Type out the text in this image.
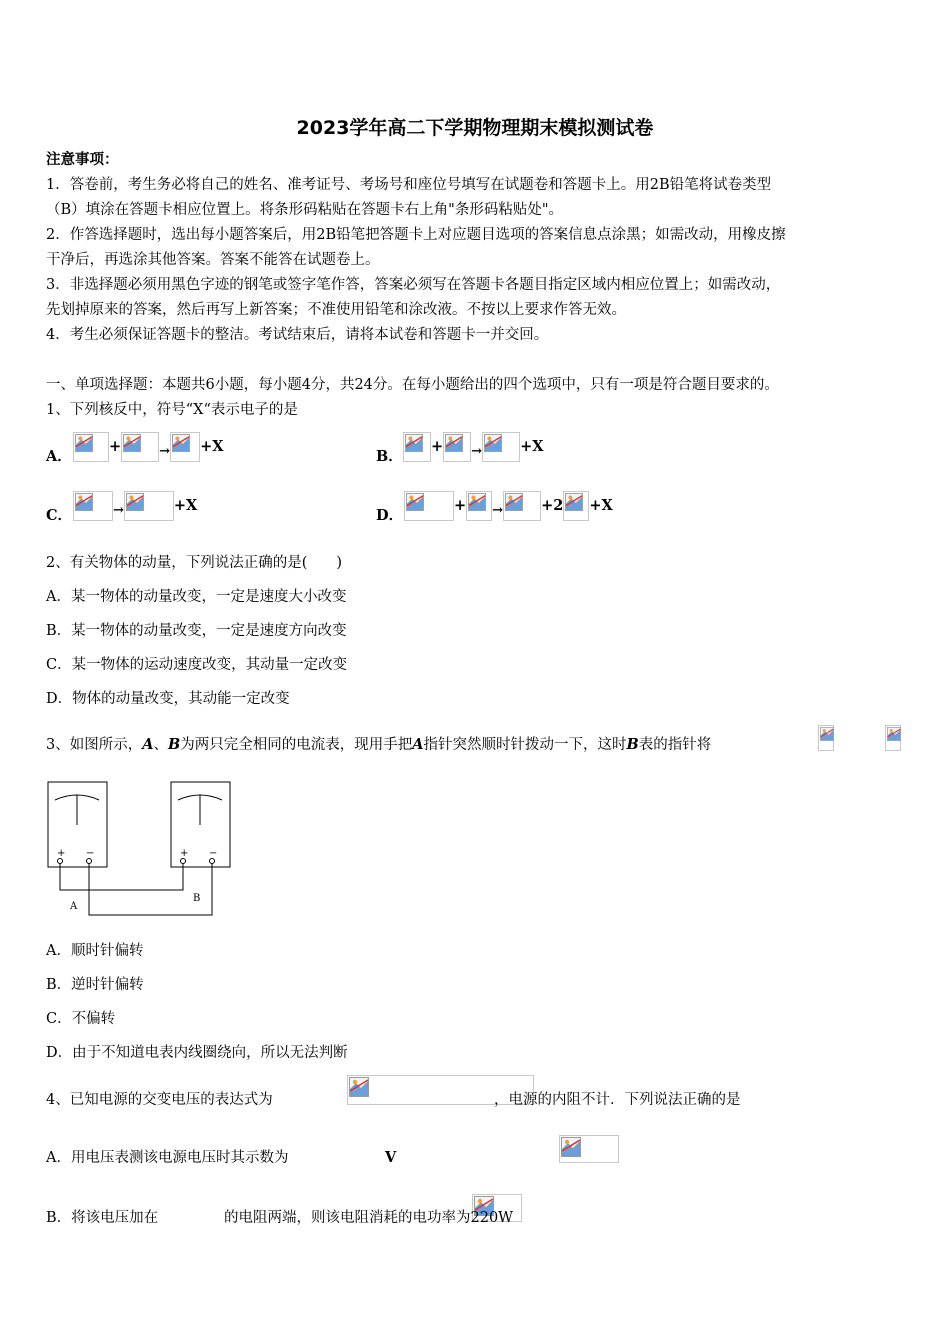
2023学年高二下学期物理期末模拟测试卷
注意事项：
1．答卷前，考生务必将自己的姓名、准考证号、考场号和座位号填写在试题卷和答题卡上。用2B铅笔将试卷类型
（B）填涂在答题卡相应位置上。将条形码粘贴在答题卡右上角"条形码粘贴处"。
2．作答选择题时，选出每小题答案后，用2B铅笔把答题卡上对应题目选项的答案信息点涂黑；如需改动，用橡皮擦
干净后，再选涂其他答案。答案不能答在试题卷上。
3．非选择题必须用黑色字迹的钢笔或签字笔作答，答案必须写在答题卡各题目指定区域内相应位置上；如需改动，
先划掉原来的答案，然后再写上新答案；不准使用铅笔和涂改液。不按以上要求作答无效。
4．考生必须保证答题卡的整洁。考试结束后，请将本试卷和答题卡一并交回。
一、单项选择题：本题共6小题，每小题4分，共24分。在每小题给出的四个选项中，只有一项是符合题目要求的。
1、下列核反中，符号“X“表示电子的是
A．
+	→ +X
B．
+ →	+X
C．	→	+X
D．
+ →	+2 +X
2、有关物体的动量，下列说法正确的是(　　)
A．某一物体的动量改变，一定是速度大小改变
B．某一物体的动量改变，一定是速度方向改变
C．某一物体的运动速度改变，其动量一定改变
D．物体的动量改变，其动能一定改变
3、如图所示，A、B为两只完全相同的电流表，现用手把A指针突然顺时针拨动一下，这时B表的指针将

+ −	+ −
A
B
A．顺时针偏转
B．逆时针偏转
C．不偏转
D．由于不知道电表内线圈绕向，所以无法判断
4、已知电源的交变电压的表达式为
	，电源的内阻不计．下列说法正确的是
A．用电压表测该电源电压时其示数为
	V
B．将该电压加在	的电阻两端，则该电阻消耗的电功率为220W
